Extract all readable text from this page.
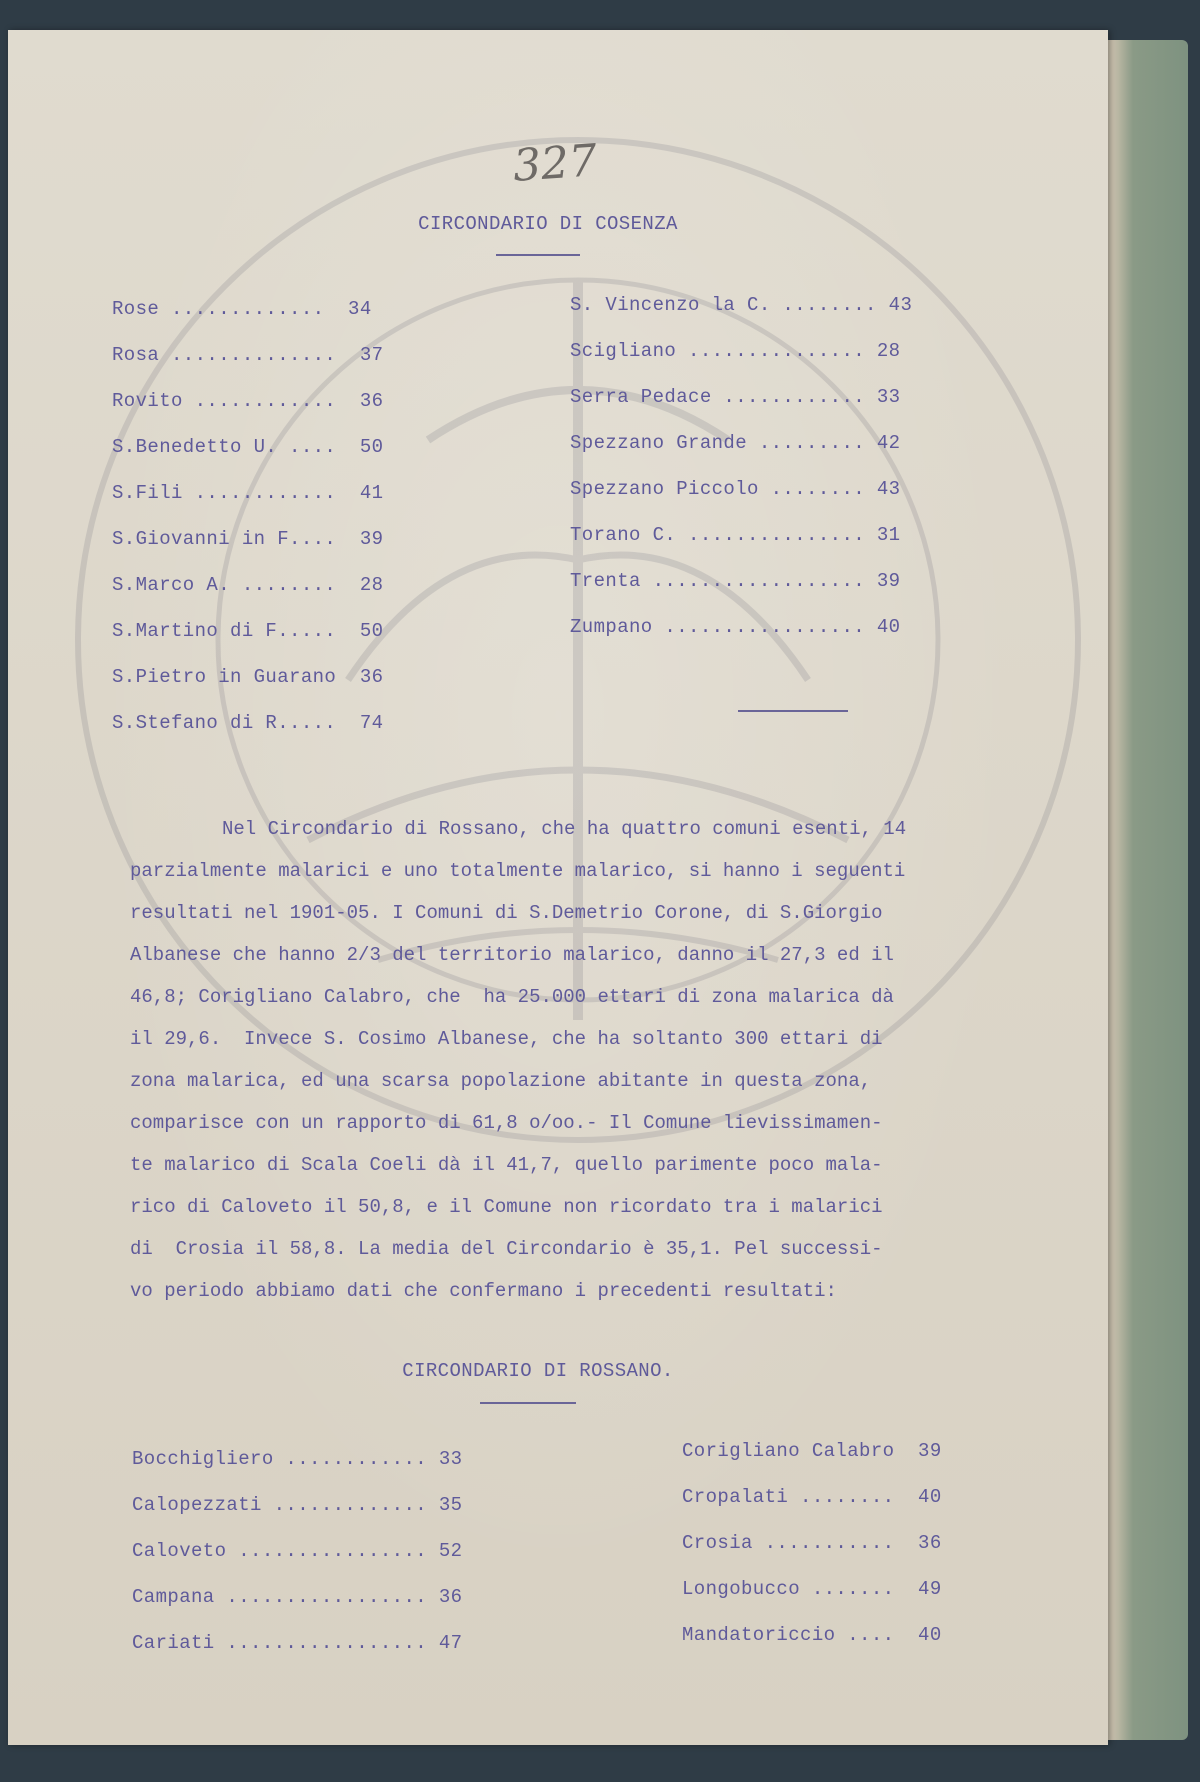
327
CIRCONDARIO DI COSENZA
Rose ............. 34
Rosa .............. 37
Rovito ............ 36
S.Benedetto U. .... 50
S.Fili ............ 41
S.Giovanni in F.... 39
S.Marco A. ........ 28
S.Martino di F..... 50
S.Pietro in Guarano 36
S.Stefano di R..... 74
S. Vincenzo la C. ........ 43
Scigliano ............... 28
Serra Pedace ............ 33
Spezzano Grande ......... 42
Spezzano Piccolo ........ 43
Torano C. ............... 31
Trenta .................. 39
Zumpano ................. 40
Nel Circondario di Rossano, che ha quattro comuni esenti, 14
parzialmente malarici e uno totalmente malarico, si hanno i seguenti
resultati nel 1901-05. I Comuni di S.Demetrio Corone, di S.Giorgio
Albanese che hanno 2/3 del territorio malarico, danno il 27,3 ed il
46,8; Corigliano Calabro, che  ha 25.000 ettari di zona malarica dà
il 29,6.  Invece S. Cosimo Albanese, che ha soltanto 300 ettari di
zona malarica, ed una scarsa popolazione abitante in questa zona,
comparisce con un rapporto di 61,8 o/oo.- Il Comune lievissimamen-
te malarico di Scala Coeli dà il 41,7, quello parimente poco mala-
rico di Caloveto il 50,8, e il Comune non ricordato tra i malarici
di  Crosia il 58,8. La media del Circondario è 35,1. Pel successi-
vo periodo abbiamo dati che confermano i precedenti resultati:
CIRCONDARIO DI ROSSANO.
Bocchigliero ............ 33
Calopezzati ............. 35
Caloveto ................ 52
Campana ................. 36
Cariati ................. 47
Corigliano Calabro 39
Cropalati ........ 40
Crosia ........... 36
Longobucco ....... 49
Mandatoriccio .... 40
